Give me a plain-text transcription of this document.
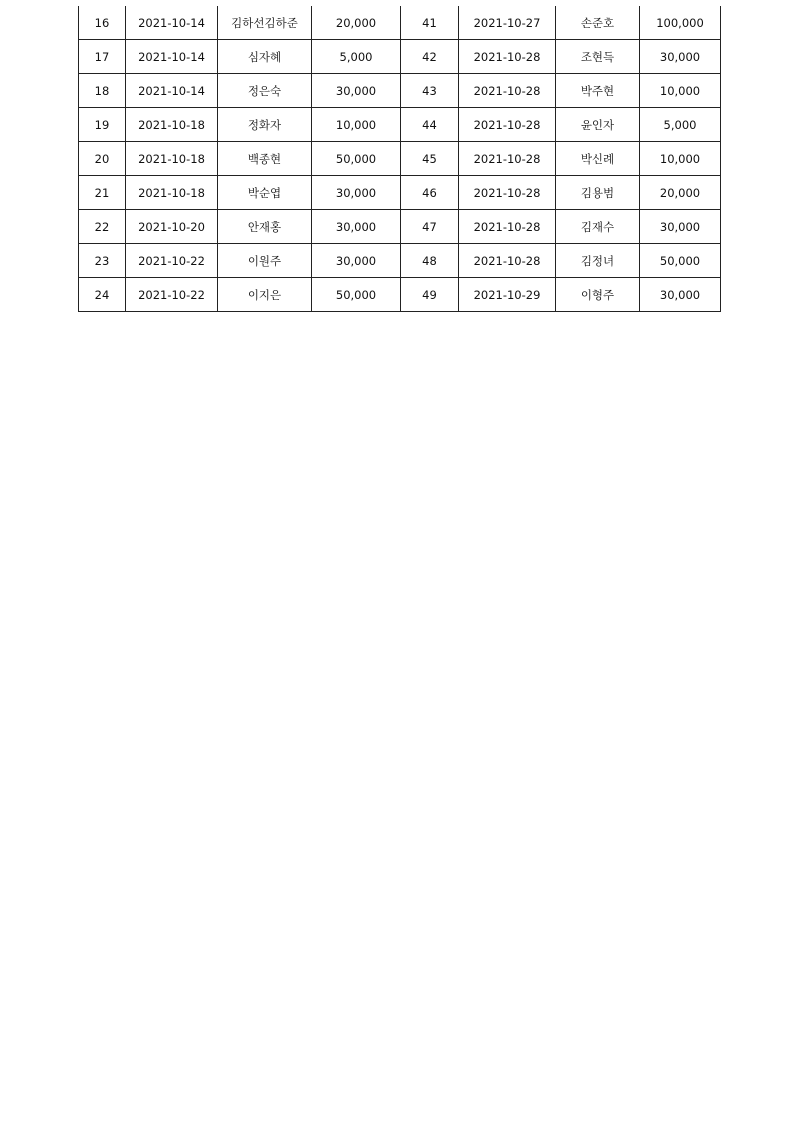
16	2021-10-14	김하선김하준	20,000	41	2021-10-27	손준호	100,000
17	2021-10-14	심자혜	5,000	42	2021-10-28	조현득	30,000
18	2021-10-14	정은숙	30,000	43	2021-10-28	박주현	10,000
19	2021-10-18	정화자	10,000	44	2021-10-28	윤인자	5,000
20	2021-10-18	백종현	50,000	45	2021-10-28	박신례	10,000
21	2021-10-18	박순엽	30,000	46	2021-10-28	김용범	20,000
22	2021-10-20	안재홍	30,000	47	2021-10-28	김재수	30,000
23	2021-10-22	이원주	30,000	48	2021-10-28	김정녀	50,000
24	2021-10-22	이지은	50,000	49	2021-10-29	이형주	30,000
